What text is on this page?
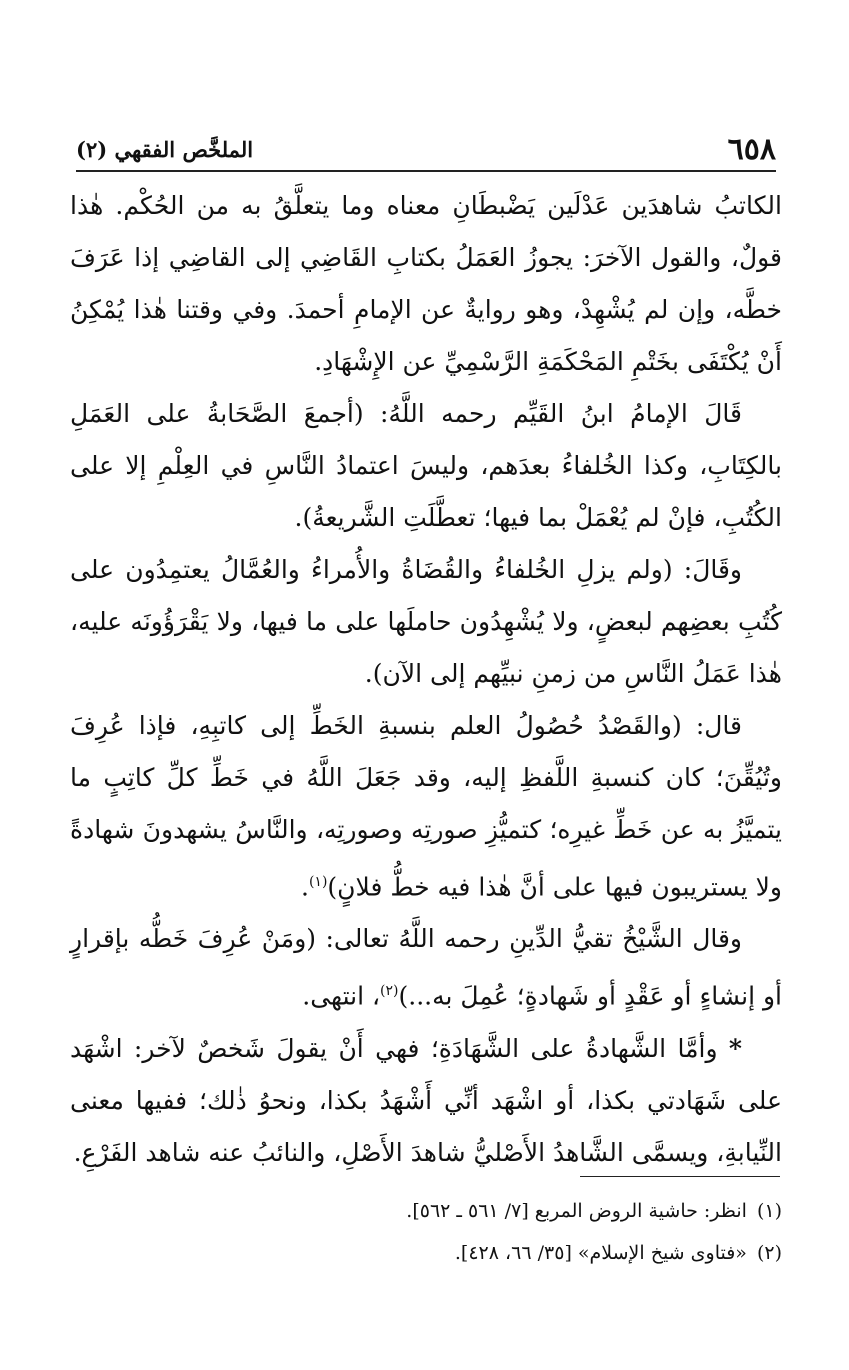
٦٥٨
الملخَّص الفقهي (٢)

الكاتبُ شاهدَين عَدْلَين يَضْبطَانِ معناه وما يتعلَّقُ به من الحُكْم. هٰذا قولٌ، والقول الآخرَ: يجوزُ العَمَلُ بكتابِ القَاضِي إلى القاضِي إذا عَرَفَ خطَّه، وإن لم يُشْهِدْ، وهو روايةٌ عن الإمامِ أحمدَ. وفي وقتنا هٰذا يُمْكِنُ أَنْ يُكْتَفَى بخَتْمِ المَحْكَمَةِ الرَّسْمِيِّ عن الإِشْهَادِ.

قَالَ الإمامُ ابنُ القَيِّم رحمه اللَّهُ: (أجمعَ الصَّحَابةُ على العَمَلِ بالكِتَابِ، وكذا الخُلفاءُ بعدَهم، وليسَ اعتمادُ النَّاسِ في العِلْمِ إلا على الكُتُبِ، فإنْ لم يُعْمَلْ بما فيها؛ تعطَّلَتِ الشَّريعةُ).

وقَالَ: (ولم يزلِ الخُلفاءُ والقُضَاةُ والأُمراءُ والعُمَّالُ يعتمِدُون على كُتُبِ بعضِهم لبعضٍ، ولا يُشْهِدُون حاملَها على ما فيها، ولا يَقْرَؤُونَه عليه، هٰذا عَمَلُ النَّاسِ من زمنِ نبيِّهم إلى الآن).

قال: (والقَصْدُ حُصُولُ العلم بنسبةِ الخَطِّ إلى كاتبِهِ، فإذا عُرِفَ وتُيُقِّنَ؛ كان كنسبةِ اللَّفظِ إليه، وقد جَعَلَ اللَّهُ في خَطِّ كلِّ كاتِبٍ ما يتميَّزُ به عن خَطِّ غيرِه؛ كتميُّزِ صورتِه وصورتِه، والنَّاسُ يشهدونَ شهادةً ولا يستريبون فيها على أنَّ هٰذا فيه خطُّ فلانٍ)$^{(١)}$.

وقال الشَّيْخُ تقيُّ الدِّينِ رحمه اللَّهُ تعالى: (ومَنْ عُرِفَ خَطُّه بإقرارٍ أو إنشاءٍ أو عَقْدٍ أو شَهادةٍ؛ عُمِلَ به...)$^{(٢)}$، انتهى.

* وأمَّا الشَّهادةُ على الشَّهَادَةِ؛ فهي أَنْ يقولَ شَخصٌ لآخر: اشْهَد على شَهَادتي بكذا، أو اشْهَد أنِّي أَشْهَدُ بكذا، ونحوُ ذٰلك؛ ففيها معنى النِّيابةِ، ويسمَّى الشَّاهدُ الأَصْليُّ شاهدَ الأَصْلِ، والنائبُ عنه شاهد الفَرْعِ.

(١)انظر: حاشية الروض المربع [٧/ ٥٦١ ـ ٥٦٢].

(٢)«فتاوى شيخ الإسلام» [٣٥/ ٦٦، ٤٢٨].
